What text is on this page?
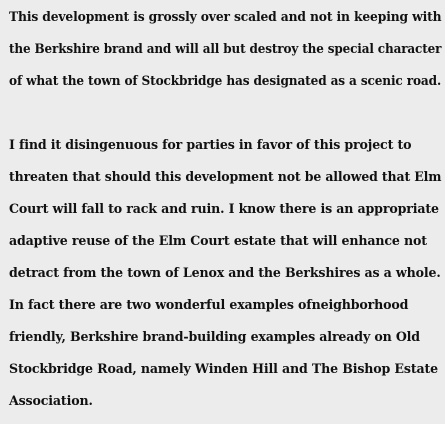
This development is grossly over scaled and not in keeping with
the Berkshire brand and will all but destroy the special character
of what the town of Stockbridge has designated as a scenic road.
I find it disingenuous for parties in favor of this project to
threaten that should this development not be allowed that Elm
Court will fall to rack and ruin. I know there is an appropriate
adaptive reuse of the Elm Court estate that will enhance not
detract from the town of Lenox and the Berkshires as a whole.
In fact there are two wonderful examples ofneighborhood
friendly, Berkshire brand-building examples already on Old
Stockbridge Road, namely Winden Hill and The Bishop Estate
Association.
